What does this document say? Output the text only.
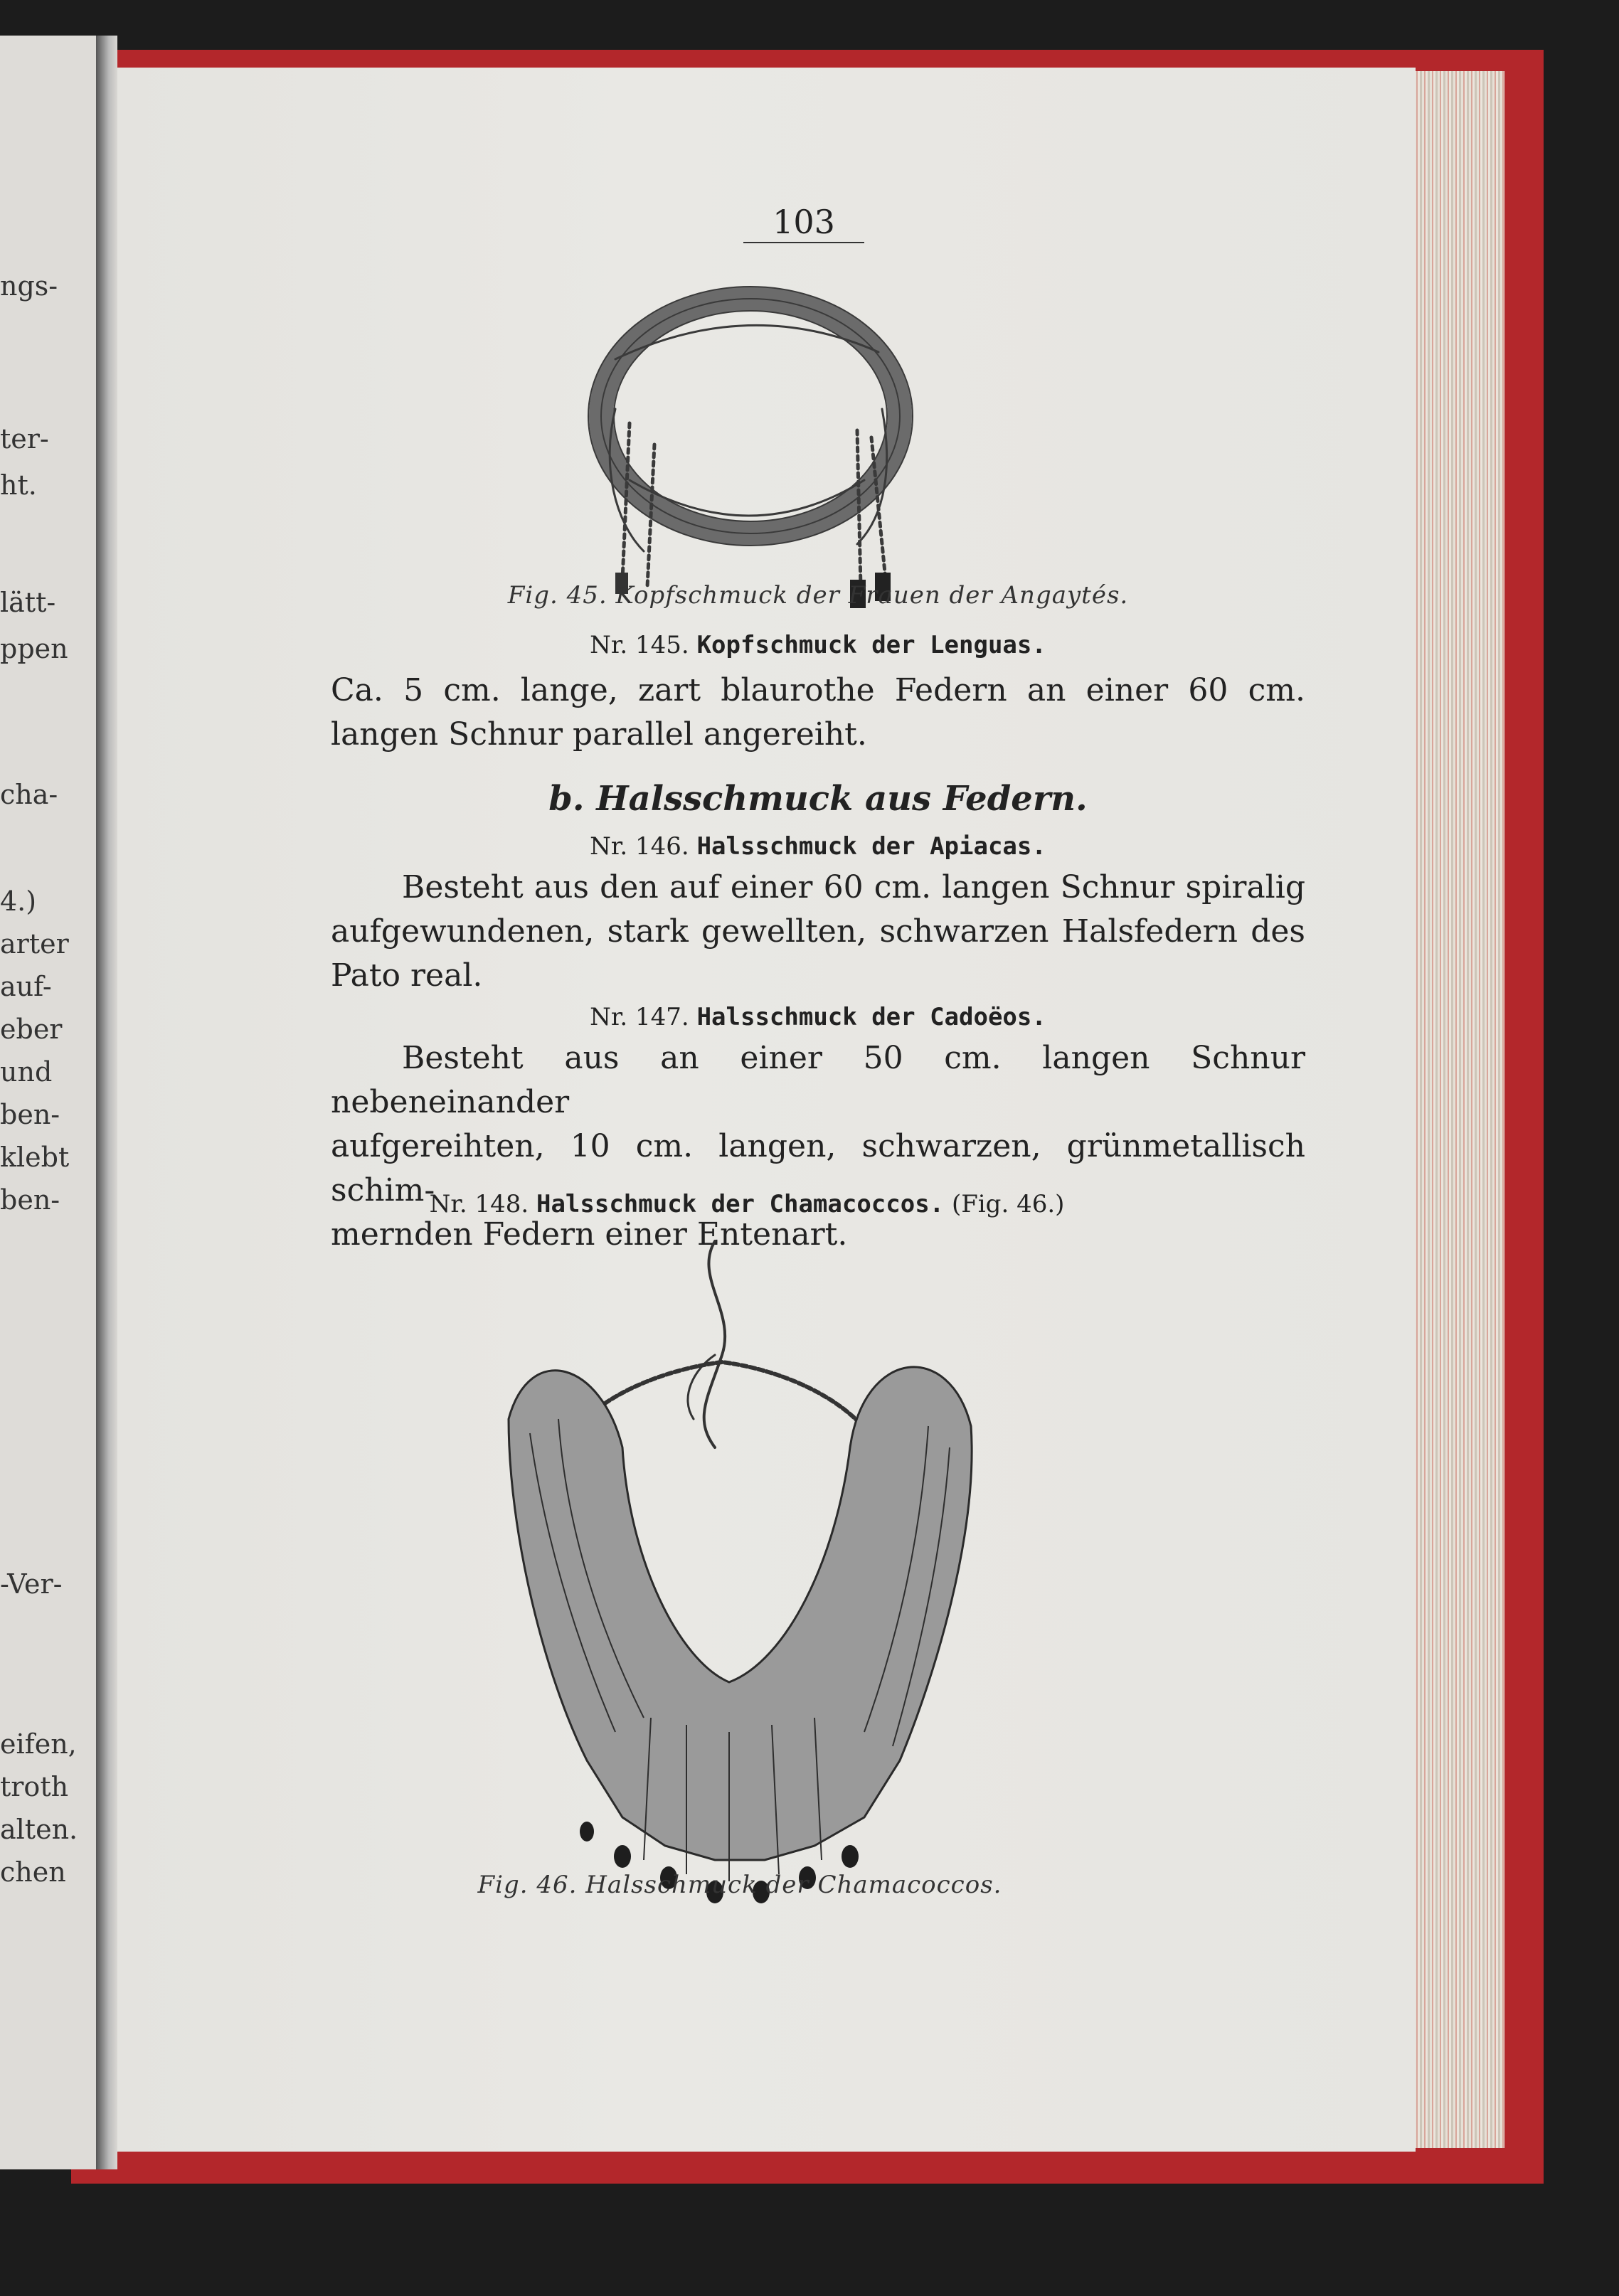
ngs-
ter-
ht.
lätt-
ppen
cha-
4.)
arter
auf-
eber
und
ben-
klebt
ben-
-Ver-
eifen,
troth
alten.
chen
103
Fig. 45. Kopfschmuck der Frauen der Angaytés.
Nr. 145. Kopfschmuck der Lenguas.
Ca. 5 cm. lange, zart blaurothe Federn an einer 60 cm.
langen Schnur parallel angereiht.
b. Halsschmuck aus Federn.
Nr. 146. Halsschmuck der Apiacas.
Besteht aus den auf einer 60 cm. langen Schnur spiralig
aufgewundenen, stark gewellten, schwarzen Halsfedern des
Pato real.
Nr. 147. Halsschmuck der Cadoëos.
Besteht aus an einer 50 cm. langen Schnur nebeneinander
aufgereihten, 10 cm. langen, schwarzen, grünmetallisch schim-
mernden Federn einer Entenart.
Nr. 148. Halsschmuck der Chamacoccos. (Fig. 46.)
Fig. 46. Halsschmuck der Chamacoccos.
